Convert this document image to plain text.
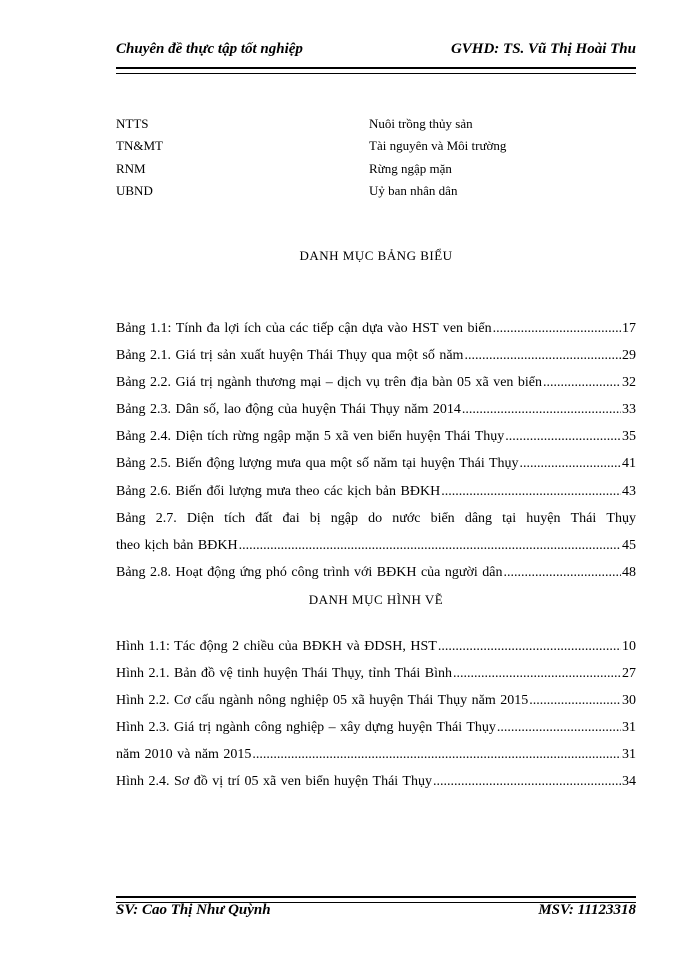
Chuyên đề thực tập tốt nghiệp	GVHD: TS. Vũ Thị Hoài Thu
NTTS	Nuôi trồng thủy sản
TN&MT	Tài nguyên và Môi trường
RNM	Rừng ngập mặn
UBND	Uỷ ban nhân dân
DANH MỤC BẢNG BIỂU
Bảng 1.1: Tính đa lợi ích của các tiếp cận dựa vào HST ven biển .....	17
Bảng 2.1. Giá trị sản xuất huyện Thái Thụy qua một số năm .....	29
Bảng 2.2. Giá trị ngành thương mại – dịch vụ trên địa bàn 05 xã ven biển .....	32
Bảng 2.3. Dân số, lao động của huyện Thái Thụy năm 2014 .....	33
Bảng 2.4. Diện tích rừng ngập mặn 5 xã ven biển huyện Thái Thụy .....	35
Bảng 2.5. Biến động lượng mưa qua một số năm tại huyện Thái Thụy .....	41
Bảng 2.6. Biến đổi lượng mưa theo các kịch bản BĐKH .....	43
Bảng 2.7. Diện tích đất đai bị ngập do nước biển dâng tại huyện Thái Thụy
theo kịch bản BĐKH .....	45
Bảng 2.8. Hoạt động ứng phó công trình với BĐKH của người dân .....	48
DANH MỤC HÌNH VẼ
Hình 1.1: Tác động 2 chiều của BĐKH và ĐDSH, HST .....	10
Hình 2.1. Bản đồ vệ tinh huyện Thái Thụy, tỉnh Thái Bình .....	27
Hình 2.2. Cơ cấu ngành nông nghiệp 05 xã huyện Thái Thụy năm 2015 .....	30
Hình 2.3. Giá trị ngành công nghiệp – xây dựng huyện Thái Thụy .....	31
năm 2010 và năm 2015 .....	31
Hình 2.4. Sơ đồ vị trí 05 xã ven biển huyện Thái Thụy .....	34
SV: Cao Thị Như Quỳnh	MSV: 11123318
